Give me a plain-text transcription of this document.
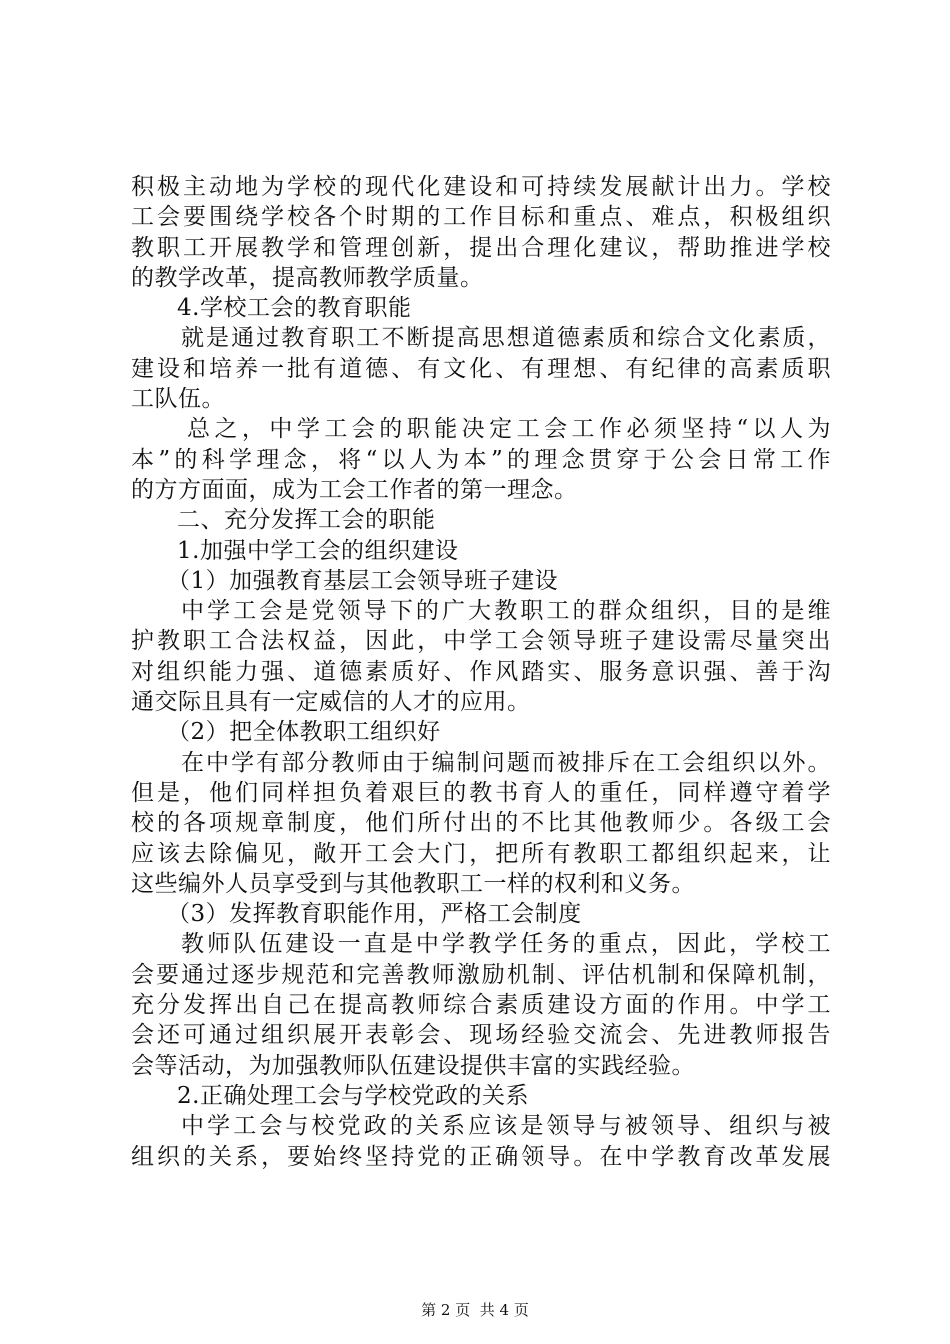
积极主动地为学校的现代化建设和可持续发展献计出力。学校
工会要围绕学校各个时期的工作目标和重点、难点，积极组织
教职工开展教学和管理创新，提出合理化建议，帮助推进学校
的教学改革，提高教师教学质量。
4.学校工会的教育职能
就是通过教育职工不断提高思想道德素质和综合文化素质，
建设和培养一批有道德、有文化、有理想、有纪律的高素质职
工队伍。
总之，中学工会的职能决定工会工作必须坚持“以人为
本”的科学理念，将“以人为本”的理念贯穿于公会日常工作
的方方面面，成为工会工作者的第一理念。
二、充分发挥工会的职能
1.加强中学工会的组织建设
（1）加强教育基层工会领导班子建设
中学工会是党领导下的广大教职工的群众组织，目的是维
护教职工合法权益，因此，中学工会领导班子建设需尽量突出
对组织能力强、道德素质好、作风踏实、服务意识强、善于沟
通交际且具有一定威信的人才的应用。
（2）把全体教职工组织好
在中学有部分教师由于编制问题而被排斥在工会组织以外。
但是，他们同样担负着艰巨的教书育人的重任，同样遵守着学
校的各项规章制度，他们所付出的不比其他教师少。各级工会
应该去除偏见，敞开工会大门，把所有教职工都组织起来，让
这些编外人员享受到与其他教职工一样的权利和义务。
（3）发挥教育职能作用，严格工会制度
教师队伍建设一直是中学教学任务的重点，因此，学校工
会要通过逐步规范和完善教师激励机制、评估机制和保障机制，
充分发挥出自己在提高教师综合素质建设方面的作用。中学工
会还可通过组织展开表彰会、现场经验交流会、先进教师报告
会等活动，为加强教师队伍建设提供丰富的实践经验。
2.正确处理工会与学校党政的关系
中学工会与校党政的关系应该是领导与被领导、组织与被
组织的关系，要始终坚持党的正确领导。在中学教育改革发展
第 2 页  共 4 页
